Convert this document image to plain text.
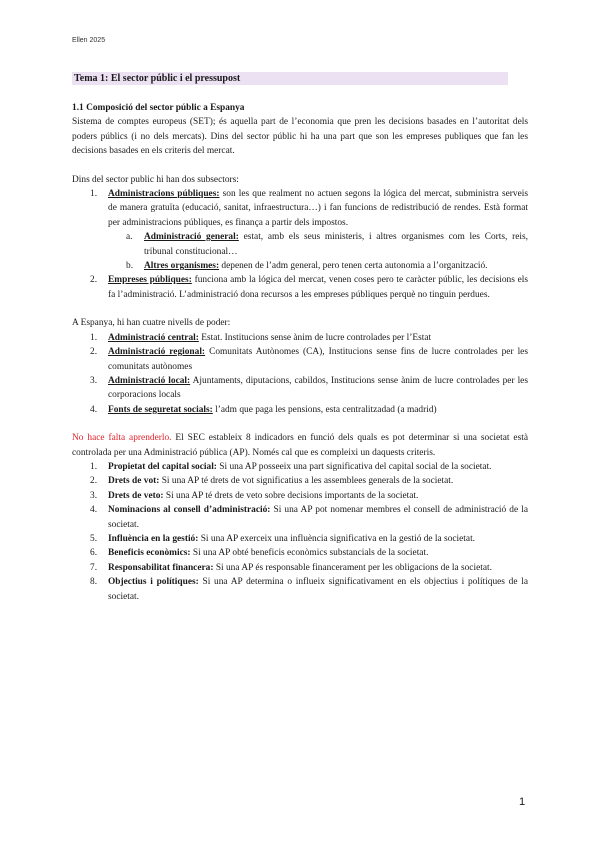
Ellen 2025
Tema 1: El sector públic i el pressupost

1.1 Composició del sector públic a Espanya

Sistema de comptes europeus (SET); és aquella part de l’economia que pren les decisions basades en l’autoritat dels poders públics (i no dels mercats). Dins del sector públic hi ha una part que son les empreses publiques que fan les decisions basades en els criteris del mercat.

Dins del sector public hi han dos subsectors:

1. Administracions públiques: son les que realment no actuen segons la lógica del mercat, subministra serveis de manera gratuïta (educació, sanitat, infraestructura…) i fan funcions de redistribució de rendes. Està format per administracions públiques, es finança a partir dels impostos.
a. Administració general: estat, amb els seus ministeris, i altres organismes com les Corts, reis, tribunal constitucional…
b. Altres organismes: depenen de l’adm general, pero tenen certa autonomia a l’organització.
2. Empreses públiques: funciona amb la lógica del mercat, venen coses pero te caràcter públic, les decisions els fa l’administració. L’administració dona recursos a les empreses públiques perquè no tinguin perdues.

A Espanya, hi han cuatre nivells de poder:

1. Administració central: Estat. Institucions sense ànim de lucre controlades per l’Estat
2. Administració regional: Comunitats Autònomes (CA), Institucions sense fins de lucre controlades per les comunitats autònomes
3. Administració local: Ajuntaments, diputacions, cabildos, Institucions sense ànim de lucre controlades per les corporacions locals
4. Fonts de seguretat socials: l’adm que paga les pensions, esta centralitzadad (a madrid)

No hace falta aprenderlo. El SEC estableix 8 indicadors en funció dels quals es pot determinar si una societat està controlada per una Administració pública (AP). Només cal que es compleixi un daquests criteris.

1. Propietat del capital social: Si una AP posseeix una part significativa del capital social de la societat.
2. Drets de vot: Si una AP té drets de vot significatius a les assemblees generals de la societat.
3. Drets de veto: Si una AP té drets de veto sobre decisions importants de la societat.
4. Nominacions al consell d’administració: Si una AP pot nomenar membres el consell de administració de la societat.
5. Influència en la gestió: Si una AP exerceix una influència significativa en la gestió de la societat.
6. Beneficis econòmics: Si una AP obté beneficis econòmics substancials de la societat.
7. Responsabilitat financera: Si una AP és responsable financerament per les obligacions de la societat.
8. Objectius i polítiques: Si una AP determina o influeix significativament en els objectius i polítiques de la societat.
1
